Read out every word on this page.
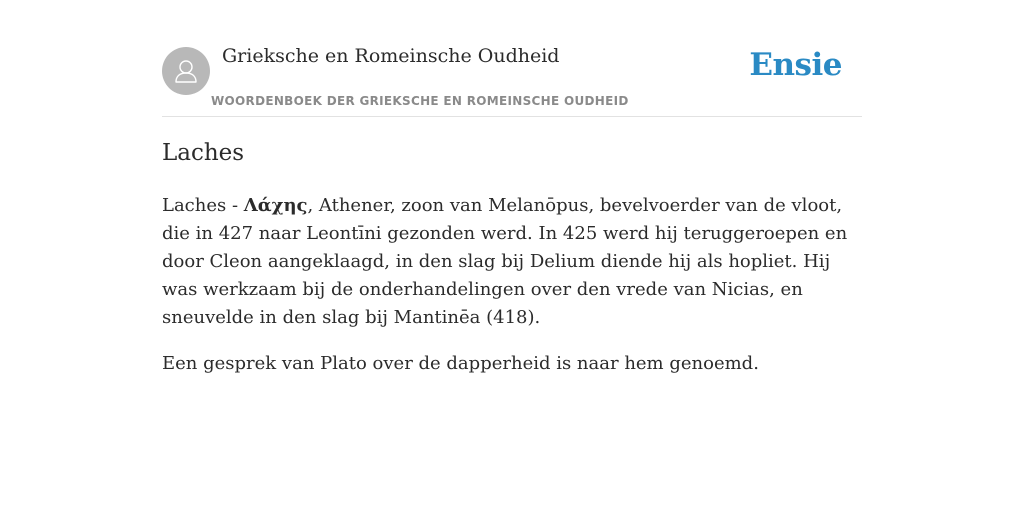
Grieksche en Romeinsche Oudheid
WOORDENBOEK DER GRIEKSCHE EN ROMEINSCHE OUDHEID
Ensie
Laches

Laches - Λάχης, Athener, zoon van Melanōpus, bevelvoerder van de vloot, die in 427 naar Leontīni gezonden werd. In 425 werd hij teruggeroepen en door Cleon aangeklaagd, in den slag bij Delium diende hij als hopliet. Hij was werkzaam bij de onderhandelingen over den vrede van Nicias, en sneuvelde in den slag bij Mantinēa (418).

Een gesprek van Plato over de dapperheid is naar hem genoemd.
